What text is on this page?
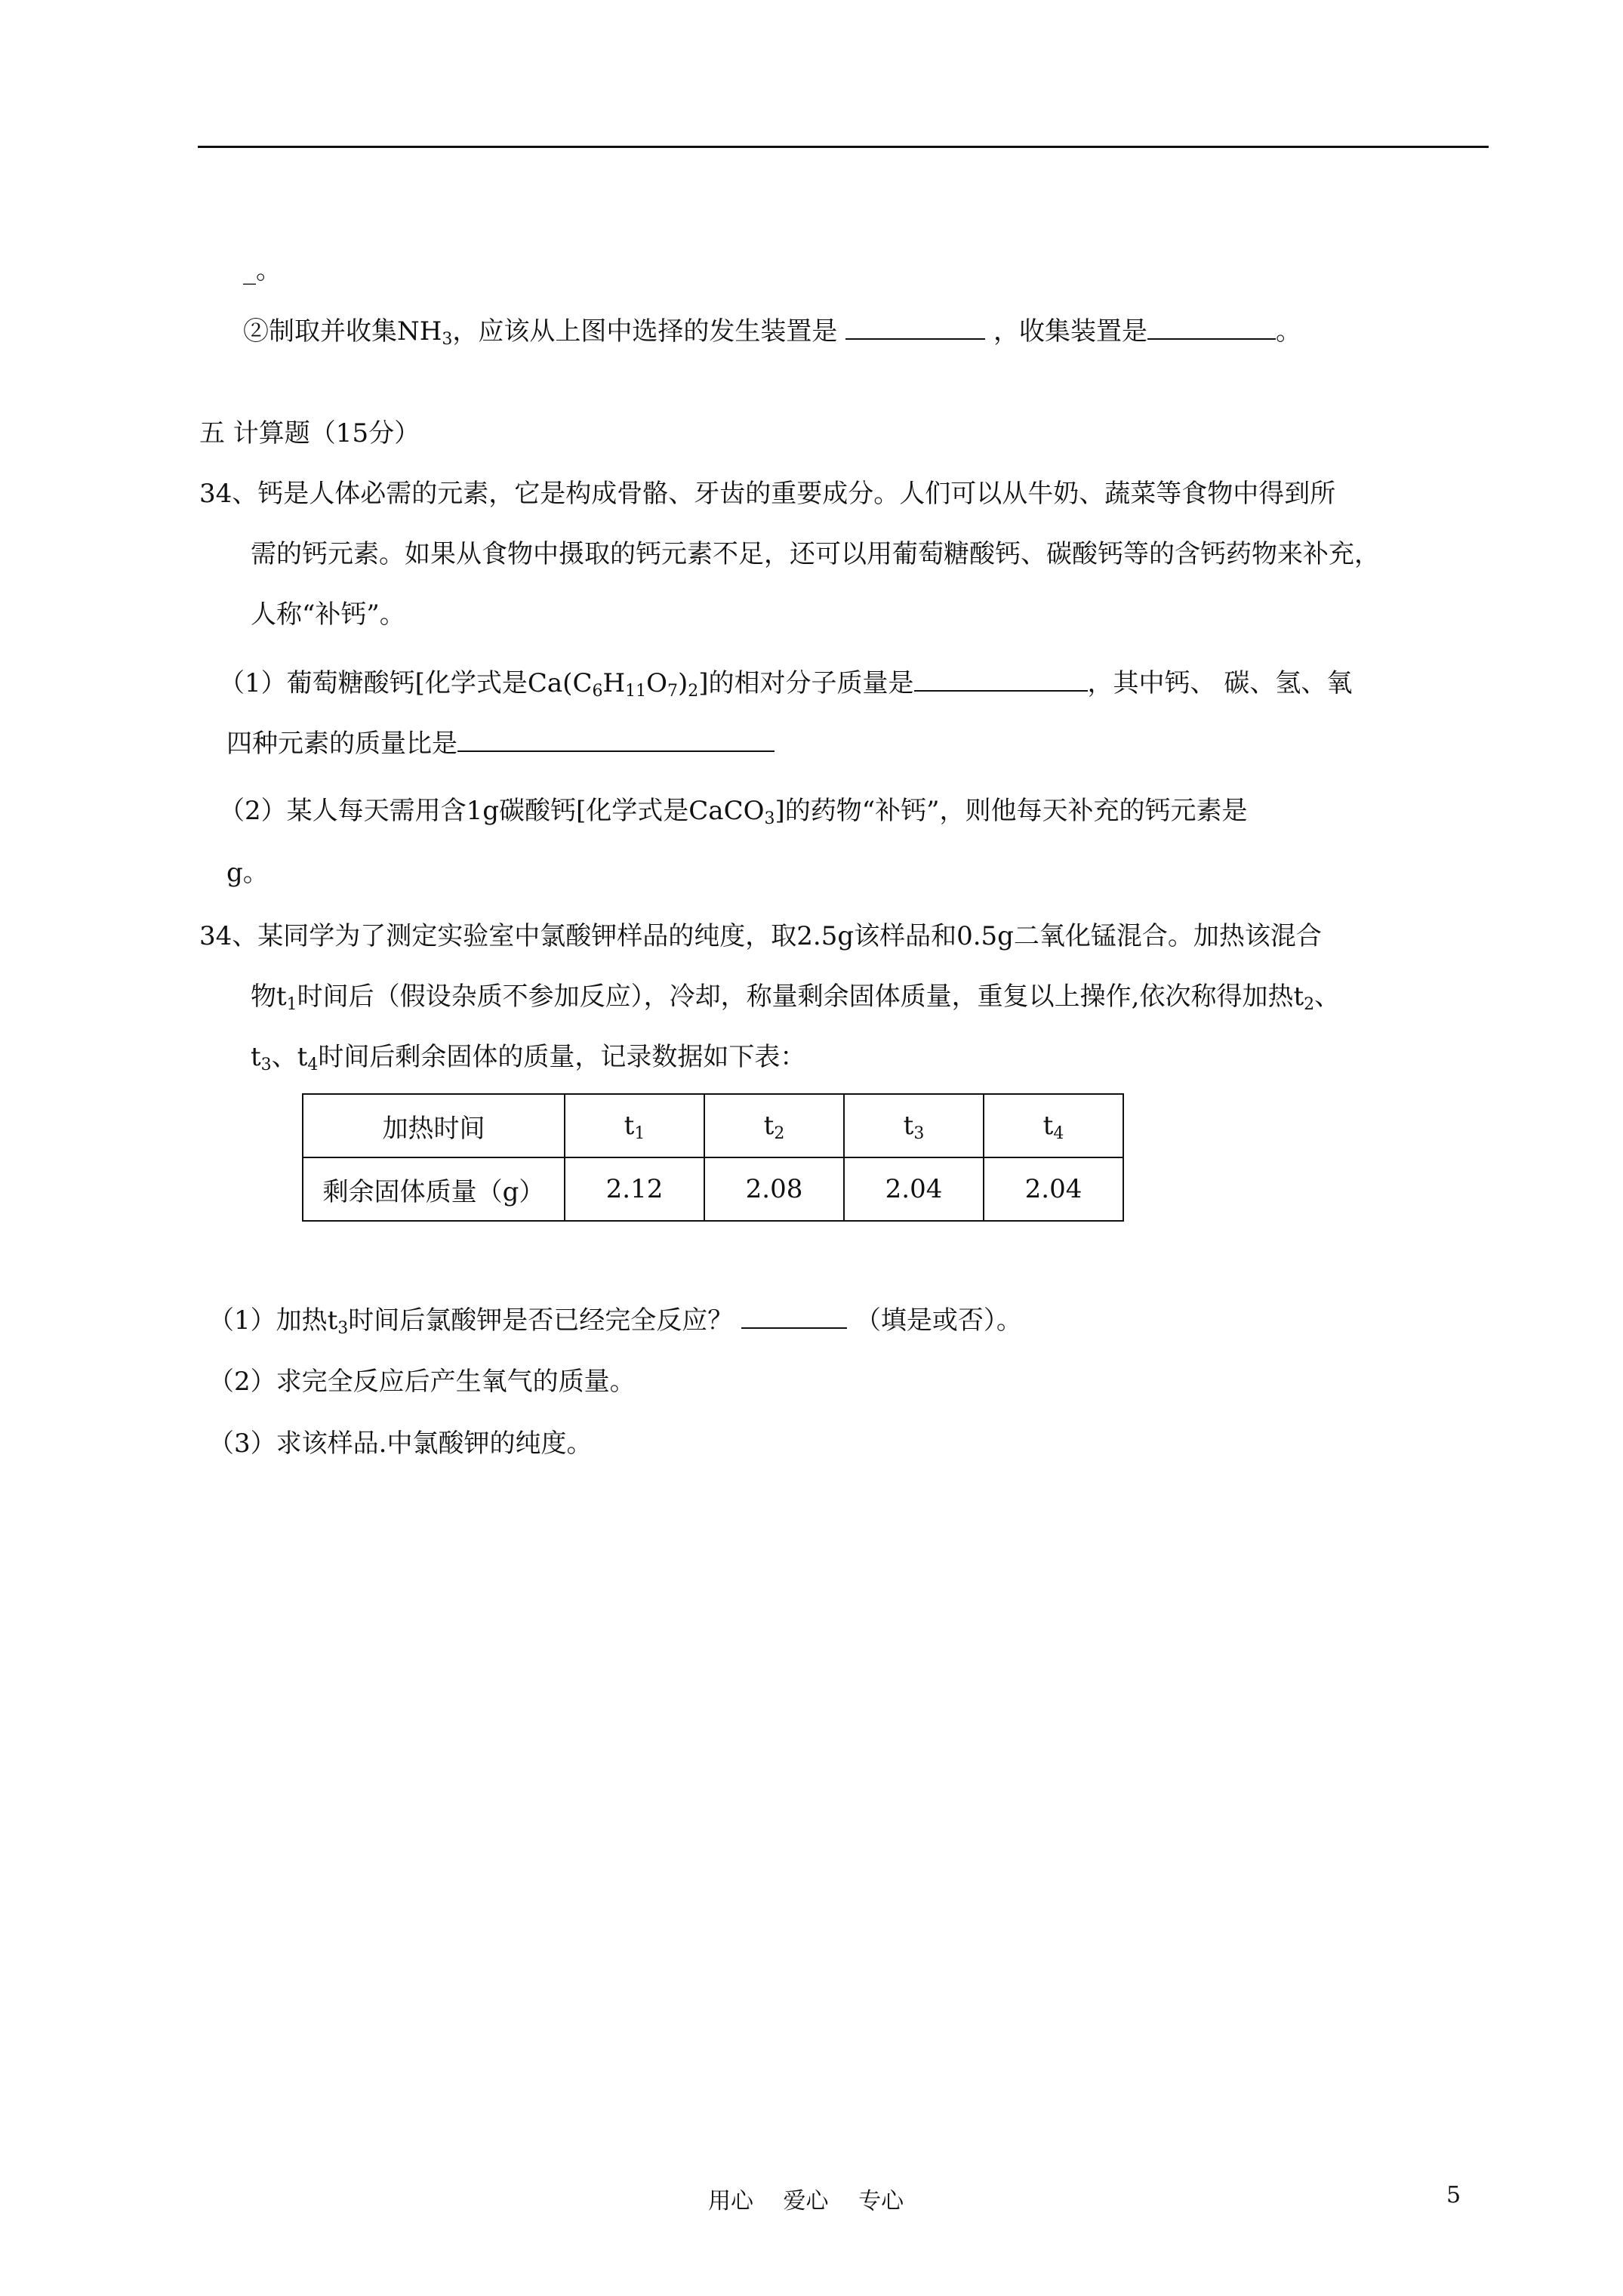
_。
②制取并收集$NH_3$，应该从上图中选择的发生装置是	，收集装置是	。
五 计算题（15分）
34、钙是人体必需的元素，它是构成骨骼、牙齿的重要成分。人们可以从牛奶、蔬菜等食物中得到所
需的钙元素。如果从食物中摄取的钙元素不足，还可以用葡萄糖酸钙、碳酸钙等的含钙药物来补充，
人称“补钙”。
（1）葡萄糖酸钙[化学式是$Ca(C_6H_{11}O_7)_2$]的相对分子质量是	，其中钙、 碳、氢、氧
四种元素的质量比是
（2）某人每天需用含1g碳酸钙[化学式是CaCO$_3$]的药物“补钙”，则他每天补充的钙元素是
g。
34、某同学为了测定实验室中氯酸钾样品的纯度，取2.5g该样品和0.5g二氧化锰混合。加热该混合
物$t_1$时间后（假设杂质不参加反应），冷却，称量剩余固体质量，重复以上操作,依次称得加热$t_2$、
$t_3$、$t_4$时间后剩余固体的质量，记录数据如下表：
加热时间	$t_1$	$t_2$	$t_3$	$t_4$
剩余固体质量（g）	2.12	2.08	2.04	2.04
（1）加热$t_3$时间后氯酸钾是否已经完全反应？	（填是或否）。
（2）求完全反应后产生氧气的质量。
（3）求该样品.中氯酸钾的纯度。
用心 爱心 专心	5
